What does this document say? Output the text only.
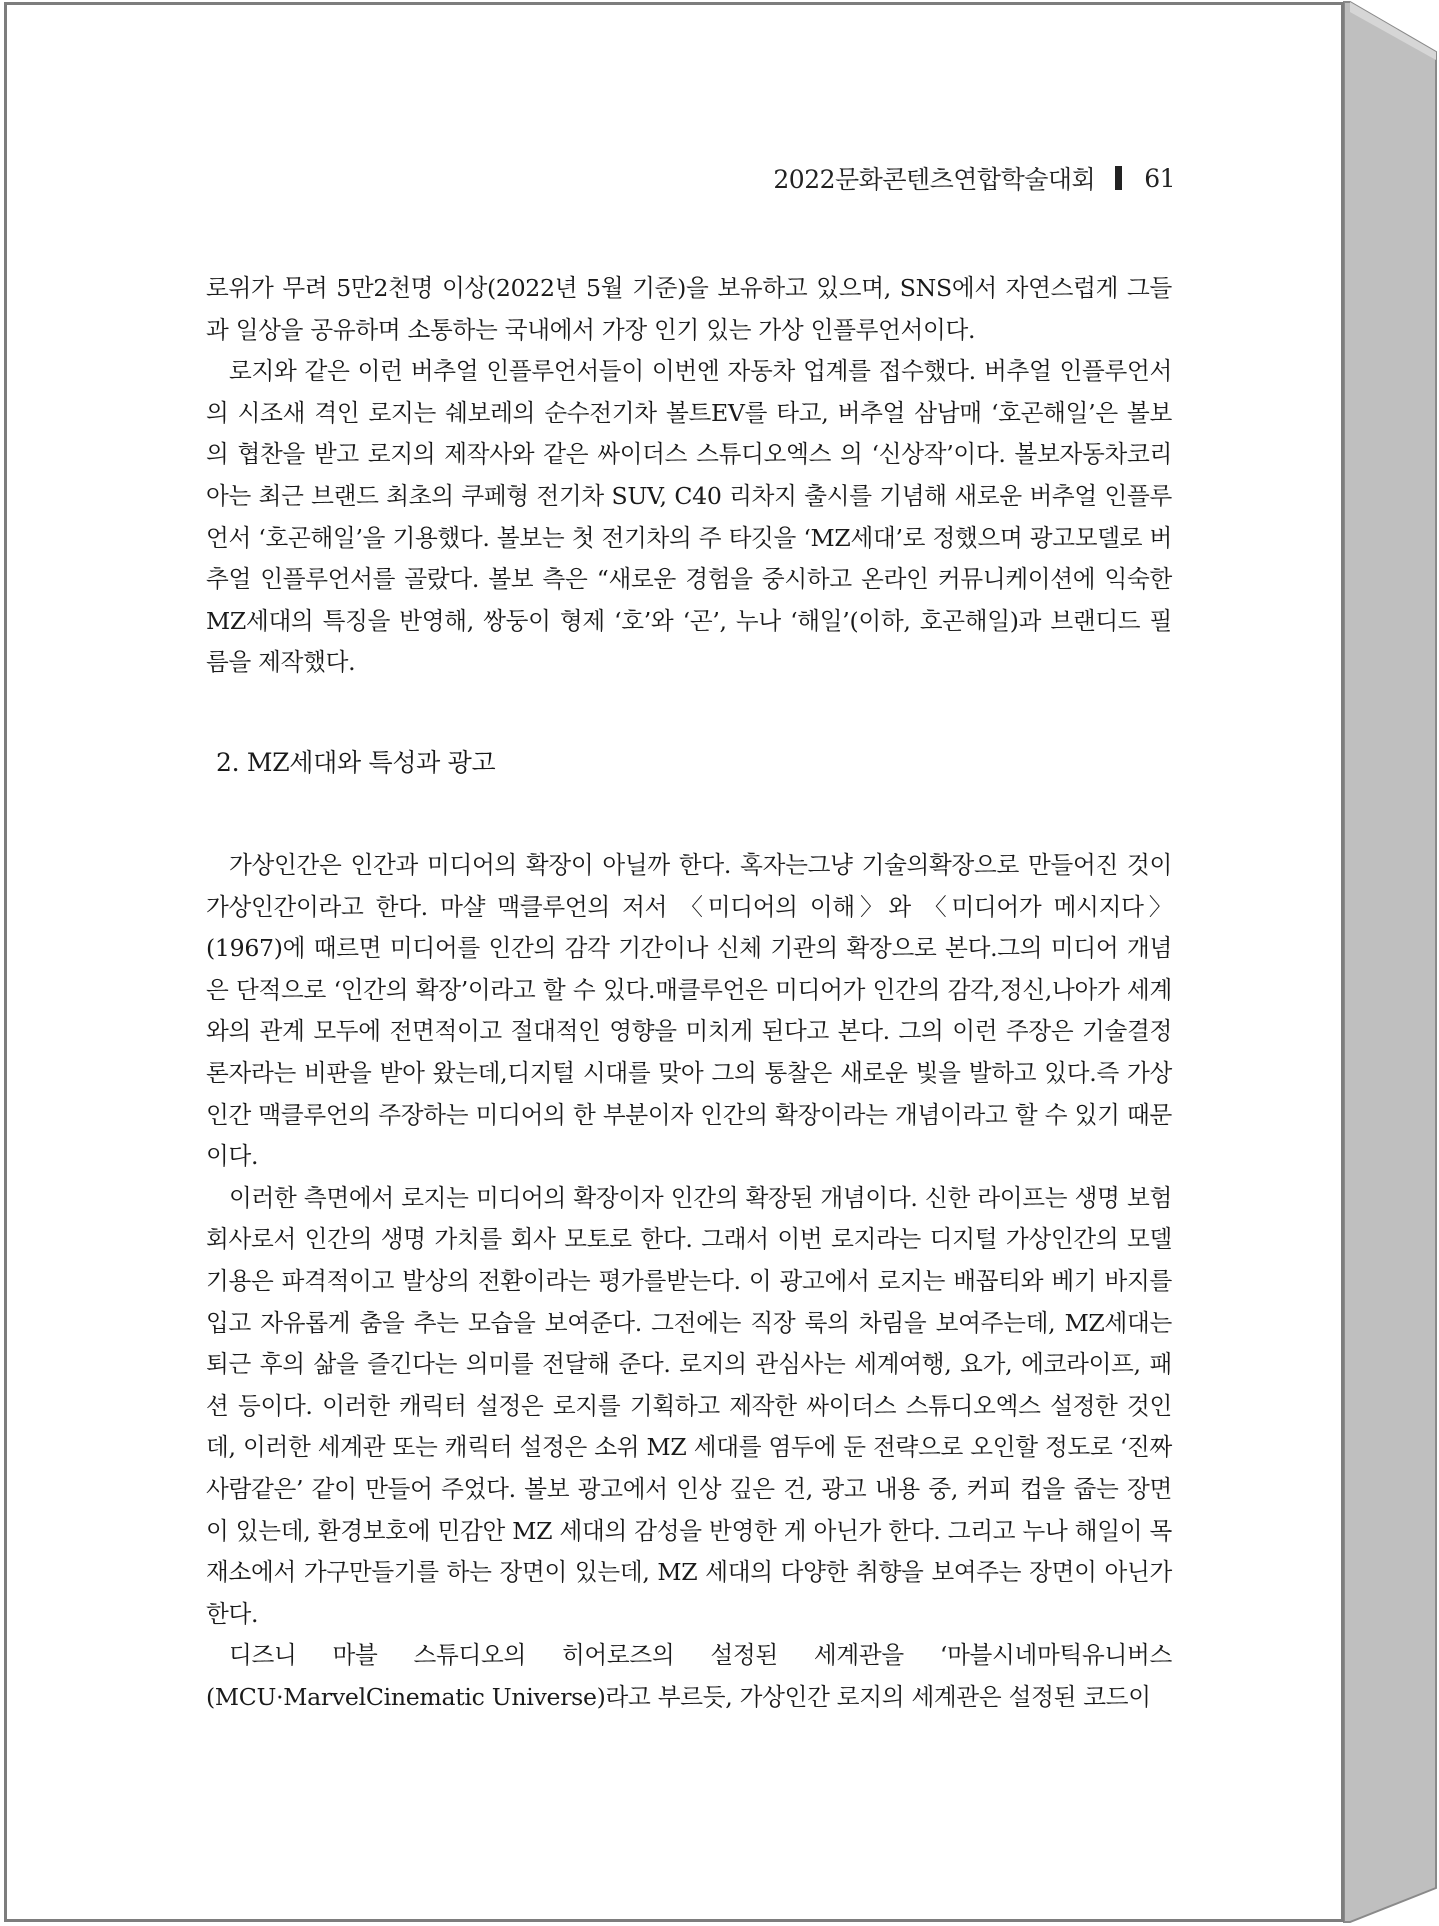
2022문화콘텐츠연합학술대회 61

로위가 무려 5만2천명 이상(2022년 5월 기준)을 보유하고 있으며, SNS에서 자연스럽게 그들과 일상을 공유하며 소통하는 국내에서 가장 인기 있는 가상 인플루언서이다.

로지와 같은 이런 버추얼 인플루언서들이 이번엔 자동차 업계를 접수했다. 버추얼 인플루언서의 시조새 격인 로지는 쉐보레의 순수전기차 볼트EV를 타고, 버추얼 삼남매 ‘호곤해일’은 볼보의 협찬을 받고 로지의 제작사와 같은 싸이더스 스튜디오엑스 의 ‘신상작’이다. 볼보자동차코리아는 최근 브랜드 최초의 쿠페형 전기차 SUV, C40 리차지 출시를 기념해 새로운 버추얼 인플루언서 ‘호곤해일’을 기용했다. 볼보는 첫 전기차의 주 타깃을 ‘MZ세대’로 정했으며 광고모델로 버추얼 인플루언서를 골랐다. 볼보 측은 “새로운 경험을 중시하고 온라인 커뮤니케이션에 익숙한 MZ세대의 특징을 반영해, 쌍둥이 형제 ‘호’와 ‘곤’, 누나 ‘해일’(이하, 호곤해일)과 브랜디드 필름을 제작했다.

2. MZ세대와 특성과 광고

가상인간은 인간과 미디어의 확장이 아닐까 한다. 혹자는그냥 기술의확장으로 만들어진 것이 가상인간이라고 한다. 마샬 맥클루언의 저서 〈미디어의 이해〉와 〈미디어가 메시지다〉(1967)에 때르면 미디어를 인간의 감각 기간이나 신체 기관의 확장으로 본다.그의 미디어 개념은 단적으로 ‘인간의 확장’이라고 할 수 있다.매클루언은 미디어가 인간의 감각,정신,나아가 세계와의 관계 모두에 전면적이고 절대적인 영향을 미치게 된다고 본다. 그의 이런 주장은 기술결정론자라는 비판을 받아 왔는데,디지털 시대를 맞아 그의 통찰은 새로운 빛을 발하고 있다.즉 가상인간 맥클루언의 주장하는 미디어의 한 부분이자 인간의 확장이라는 개념이라고 할 수 있기 때문이다.

이러한 측면에서 로지는 미디어의 확장이자 인간의 확장된 개념이다. 신한 라이프는 생명 보험회사로서 인간의 생명 가치를 회사 모토로 한다. 그래서 이번 로지라는 디지털 가상인간의 모델 기용은 파격적이고 발상의 전환이라는 평가를받는다. 이 광고에서 로지는 배꼽티와 베기 바지를 입고 자유롭게 춤을 추는 모습을 보여준다. 그전에는 직장 룩의 차림을 보여주는데, MZ세대는 퇴근 후의 삶을 즐긴다는 의미를 전달해 준다. 로지의 관심사는 세계여행, 요가, 에코라이프, 패션 등이다. 이러한 캐릭터 설정은 로지를 기획하고 제작한 싸이더스 스튜디오엑스 설정한 것인데, 이러한 세계관 또는 캐릭터 설정은 소위 MZ 세대를 염두에 둔 전략으로 오인할 정도로 ‘진짜 사람같은’ 같이 만들어 주었다. 볼보 광고에서 인상 깊은 건, 광고 내용 중, 커피 컵을 줍는 장면이 있는데, 환경보호에 민감안 MZ 세대의 감성을 반영한 게 아닌가 한다. 그리고 누나 해일이 목재소에서 가구만들기를 하는 장면이 있는데, MZ 세대의 다양한 취향을 보여주는 장면이 아닌가 한다.

디즈니 마블 스튜디오의 히어로즈의 설정된 세계관을 ‘마블시네마틱유니버스(MCU·MarvelCinematic Universe)라고 부르듯, 가상인간 로지의 세계관은 설정된 코드이
